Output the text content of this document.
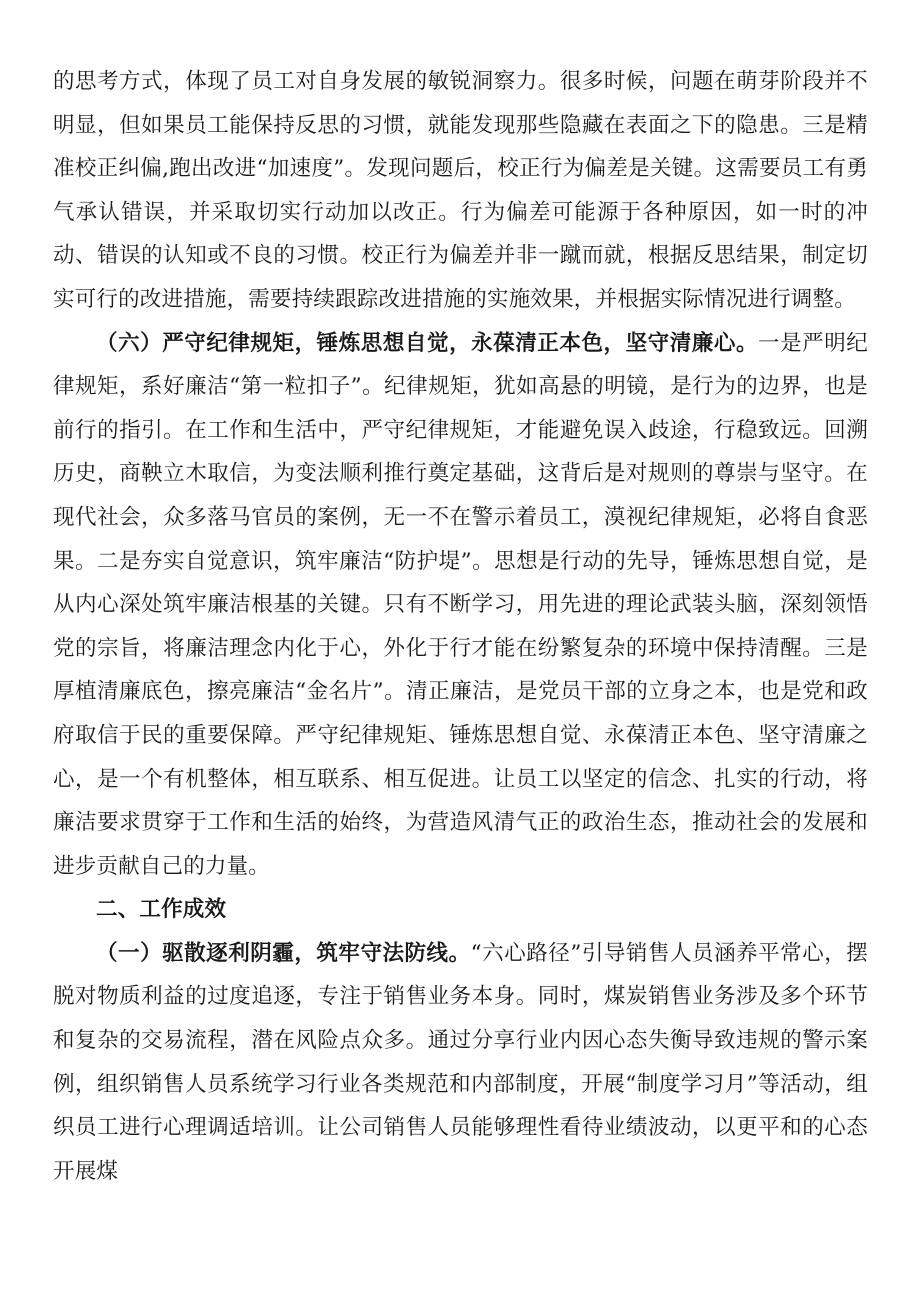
的思考方式，体现了员工对自身发展的敏锐洞察力。很多时候，问题在萌芽阶段并不明显，但如果员工能保持反思的习惯，就能发现那些隐藏在表面之下的隐患。三是精准校正纠偏,跑出改进“加速度”。发现问题后，校正行为偏差是关键。这需要员工有勇气承认错误，并采取切实行动加以改正。行为偏差可能源于各种原因，如一时的冲动、错误的认知或不良的习惯。校正行为偏差并非一蹴而就，根据反思结果，制定切实可行的改进措施，需要持续跟踪改进措施的实施效果，并根据实际情况进行调整。

（六）严守纪律规矩，锤炼思想自觉，永葆清正本色，坚守清廉心。一是严明纪律规矩，系好廉洁“第一粒扣子”。纪律规矩，犹如高悬的明镜，是行为的边界，也是前行的指引。在工作和生活中，严守纪律规矩，才能避免误入歧途，行稳致远。回溯历史，商鞅立木取信，为变法顺利推行奠定基础，这背后是对规则的尊崇与坚守。在现代社会，众多落马官员的案例，无一不在警示着员工，漠视纪律规矩，必将自食恶果。二是夯实自觉意识，筑牢廉洁“防护堤”。思想是行动的先导，锤炼思想自觉，是从内心深处筑牢廉洁根基的关键。只有不断学习，用先进的理论武装头脑，深刻领悟党的宗旨，将廉洁理念内化于心，外化于行才能在纷繁复杂的环境中保持清醒。三是厚植清廉底色，擦亮廉洁“金名片”。清正廉洁，是党员干部的立身之本，也是党和政府取信于民的重要保障。严守纪律规矩、锤炼思想自觉、永葆清正本色、坚守清廉之心，是一个有机整体，相互联系、相互促进。让员工以坚定的信念、扎实的行动，将廉洁要求贯穿于工作和生活的始终，为营造风清气正的政治生态，推动社会的发展和进步贡献自己的力量。

二、工作成效

（一）驱散逐利阴霾，筑牢守法防线。“六心路径”引导销售人员涵养平常心，摆脱对物质利益的过度追逐，专注于销售业务本身。同时，煤炭销售业务涉及多个环节和复杂的交易流程，潜在风险点众多。通过分享行业内因心态失衡导致违规的警示案例，组织销售人员系统学习行业各类规范和内部制度，开展“制度学习月”等活动，组织员工进行心理调适培训。让公司销售人员能够理性看待业绩波动，以更平和的心态开展煤
